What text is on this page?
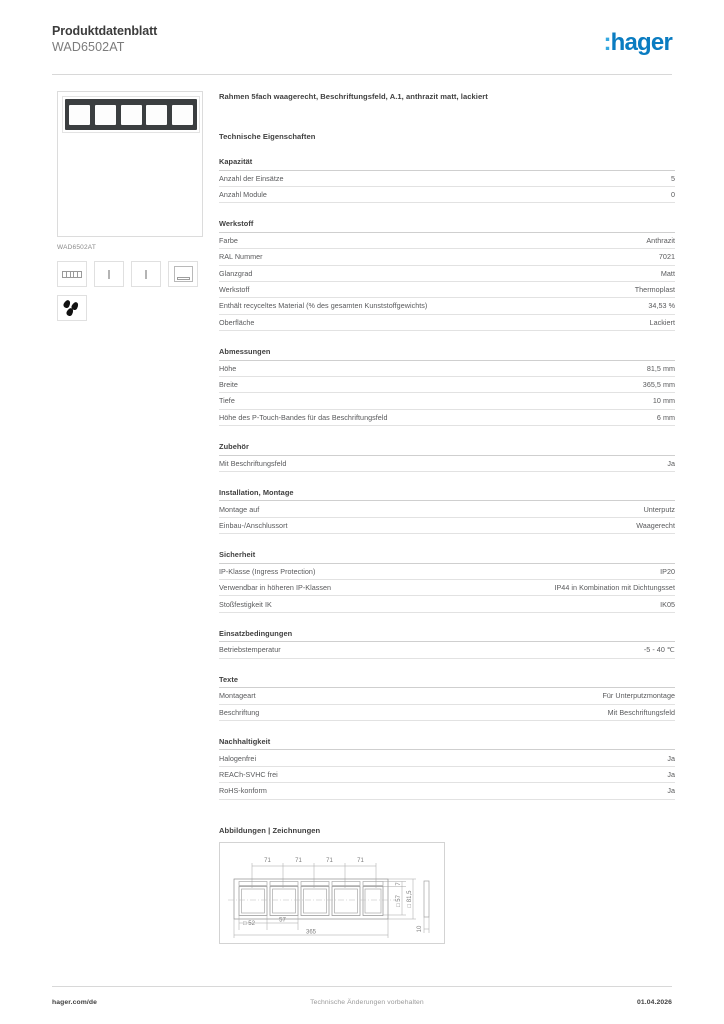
Produktdatenblatt
WAD6502AT	:hager
WAD6502AT
Rahmen 5fach waagerecht, Beschriftungsfeld, A.1, anthrazit matt, lackiert
Technische Eigenschaften
Kapazität
Anzahl der Einsätze	5
Anzahl Module	0
Werkstoff
Farbe	Anthrazit
RAL Nummer	7021
Glanzgrad	Matt
Werkstoff	Thermoplast
Enthält recyceltes Material (% des gesamten Kunststoffgewichts)	34,53 %
Oberfläche	Lackiert
Abmessungen
Höhe	81,5 mm
Breite	365,5 mm
Tiefe	10 mm
Höhe des P-Touch-Bandes für das Beschriftungsfeld	6 mm
Zubehör
Mit Beschriftungsfeld	Ja
Installation, Montage
Montage auf	Unterputz
Einbau-/Anschlussort	Waagerecht
Sicherheit
IP-Klasse (Ingress Protection)	IP20
Verwendbar in höheren IP-Klassen	IP44 in Kombination mit Dichtungsset
Stoßfestigkeit IK	IK05
Einsatzbedingungen
Betriebstemperatur	-5 - 40 ℃
Texte
Montageart	Für Unterputzmontage
Beschriftung	Mit Beschriftungsfeld
Nachhaltigkeit
Halogenfrei	Ja
REACh-SVHC frei	Ja
RoHS-konform	Ja
Abbildungen | Zeichnungen
71	71	71	71
□ 52
57
365
7
□ 57 □ 81,5
10
hager.com/de	Technische Änderungen vorbehalten	01.04.2026
